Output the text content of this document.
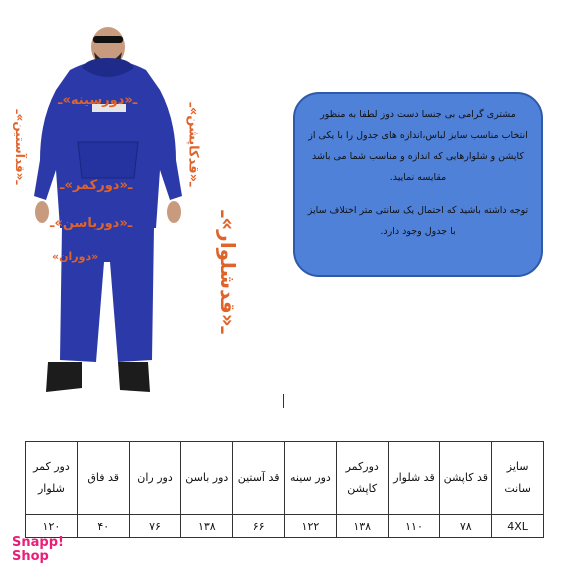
ـ«دورسینه»ـ
ـ«دورکمر»ـ
ـ«دورباسن»ـ
«دوران»
ـ«قدآستین»ـ	ـ«قدکاپشن»ـ
ـ«قدشلوار»ـ

مشتری گرامی بی جنسا دست دوز لطفا به منظور انتخاب مناسب سایز لباس،اندازه های جدول را با یکی از کاپشن و شلوارهایی که اندازه و مناسب شما می باشد مقایسه نمایید.

توجه داشته باشید که احتمال یک سانتی متر اختلاف سایز با جدول وجود دارد.

سایز سانت	قد کاپشن	قد شلوار	دورکمر کاپشن	دور سینه	قد آستین	دور باسن	دور ران	قد فاق	دور کمر شلوار
4XL	۷۸	۱۱۰	۱۳۸	۱۲۲	۶۶	۱۳۸	۷۶	۴۰	۱۲۰
Snapp!
Shop
